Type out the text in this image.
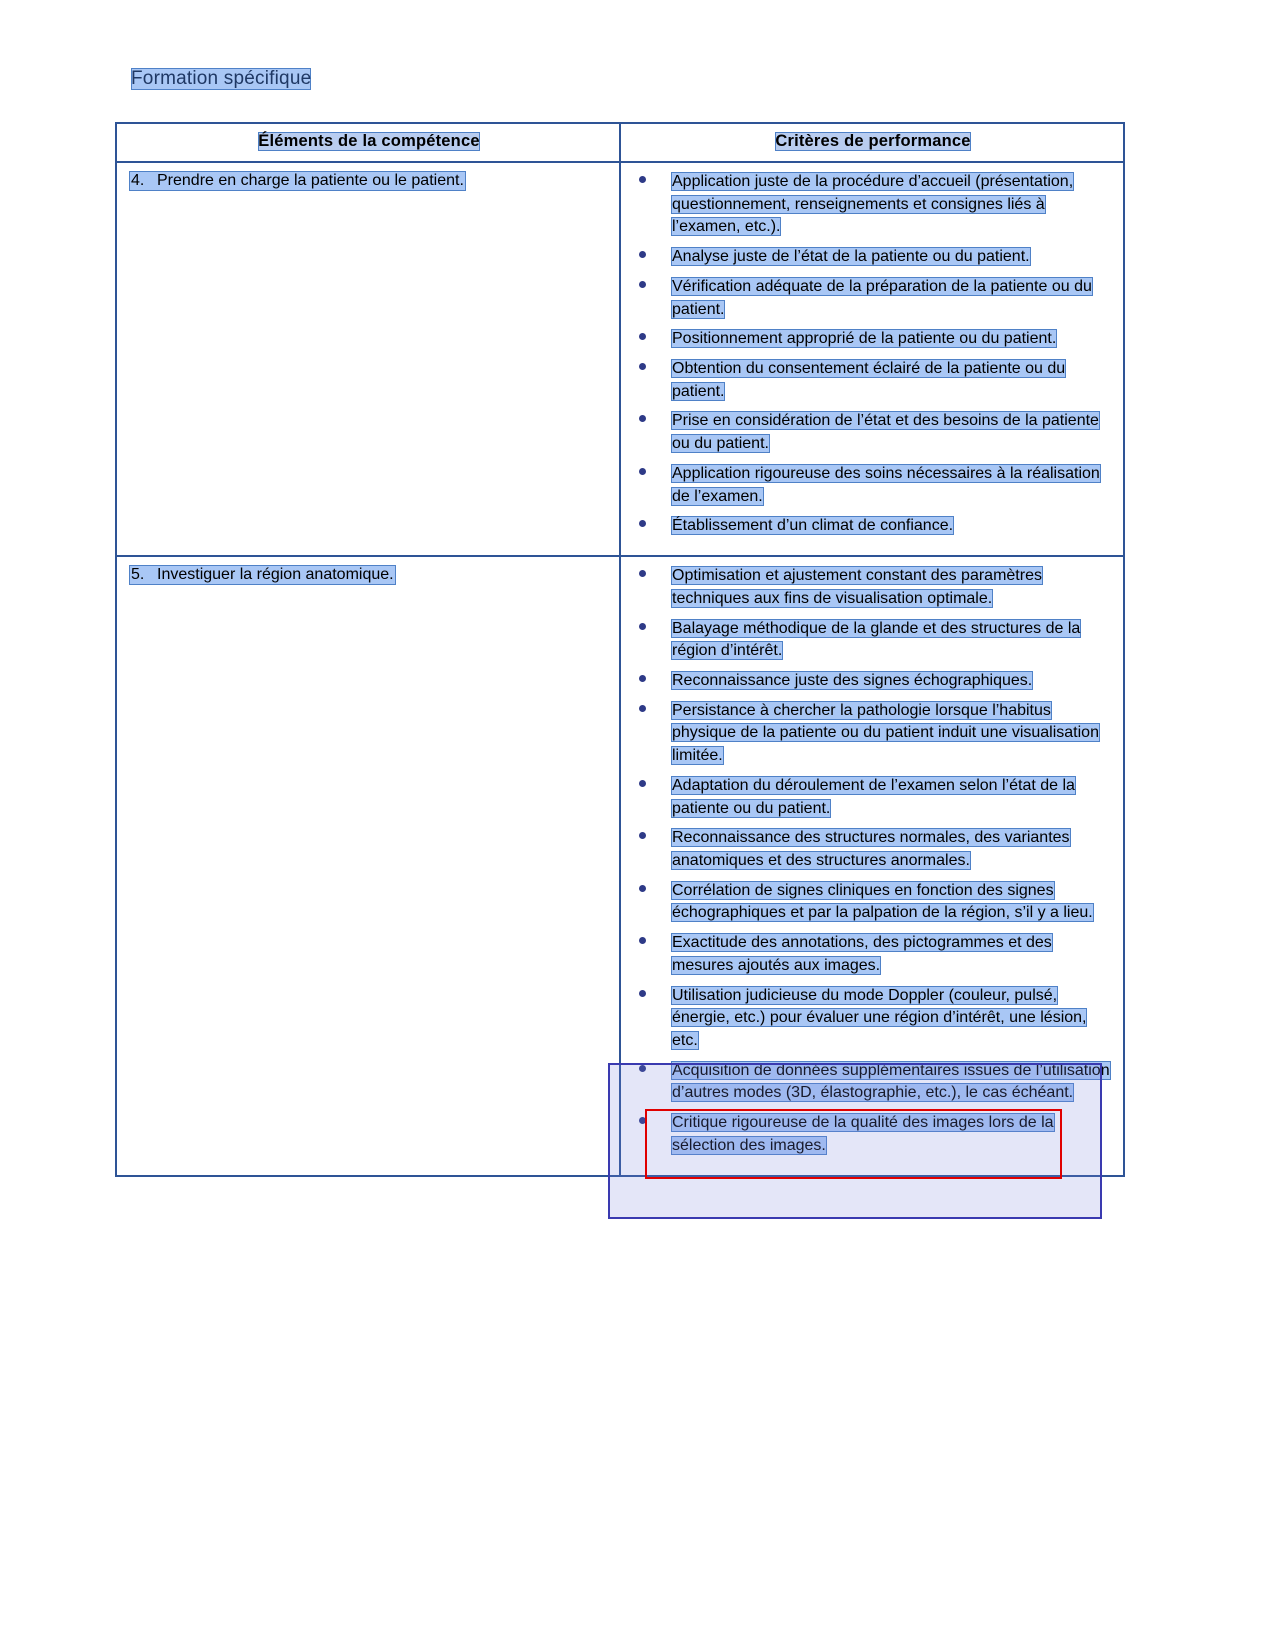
Formation spécifique
Éléments de la compétence	Critères de performance
4. Prendre en charge la patiente ou le patient.	Application juste de la procédure d’accueil (présentation, questionnement, renseignements et consignes liés à l’examen, etc.).
Analyse juste de l’état de la patiente ou du patient.
Vérification adéquate de la préparation de la patiente ou du patient.
Positionnement approprié de la patiente ou du patient.
Obtention du consentement éclairé de la patiente ou du patient.
Prise en considération de l’état et des besoins de la patiente ou du patient.
Application rigoureuse des soins nécessaires à la réalisation de l’examen.
Établissement d’un climat de confiance.

5. Investiguer la région anatomique.	Optimisation et ajustement constant des paramètres techniques aux fins de visualisation optimale.
Balayage méthodique de la glande et des structures de la région d’intérêt.
Reconnaissance juste des signes échographiques.
Persistance à chercher la pathologie lorsque l’habitus physique de la patiente ou du patient induit une visualisation limitée.
Adaptation du déroulement de l’examen selon l’état de la patiente ou du patient.
Reconnaissance des structures normales, des variantes anatomiques et des structures anormales.
Corrélation de signes cliniques en fonction des signes échographiques et par la palpation de la région, s’il y a lieu.
Exactitude des annotations, des pictogrammes et des mesures ajoutés aux images.
Utilisation judicieuse du mode Doppler (couleur, pulsé, énergie, etc.) pour évaluer une région d’intérêt, une lésion, etc.
Acquisition de données supplémentaires issues de l’utilisation d’autres modes (3D, élastographie, etc.), le cas échéant.
Critique rigoureuse de la qualité des images lors de la sélection des images.
